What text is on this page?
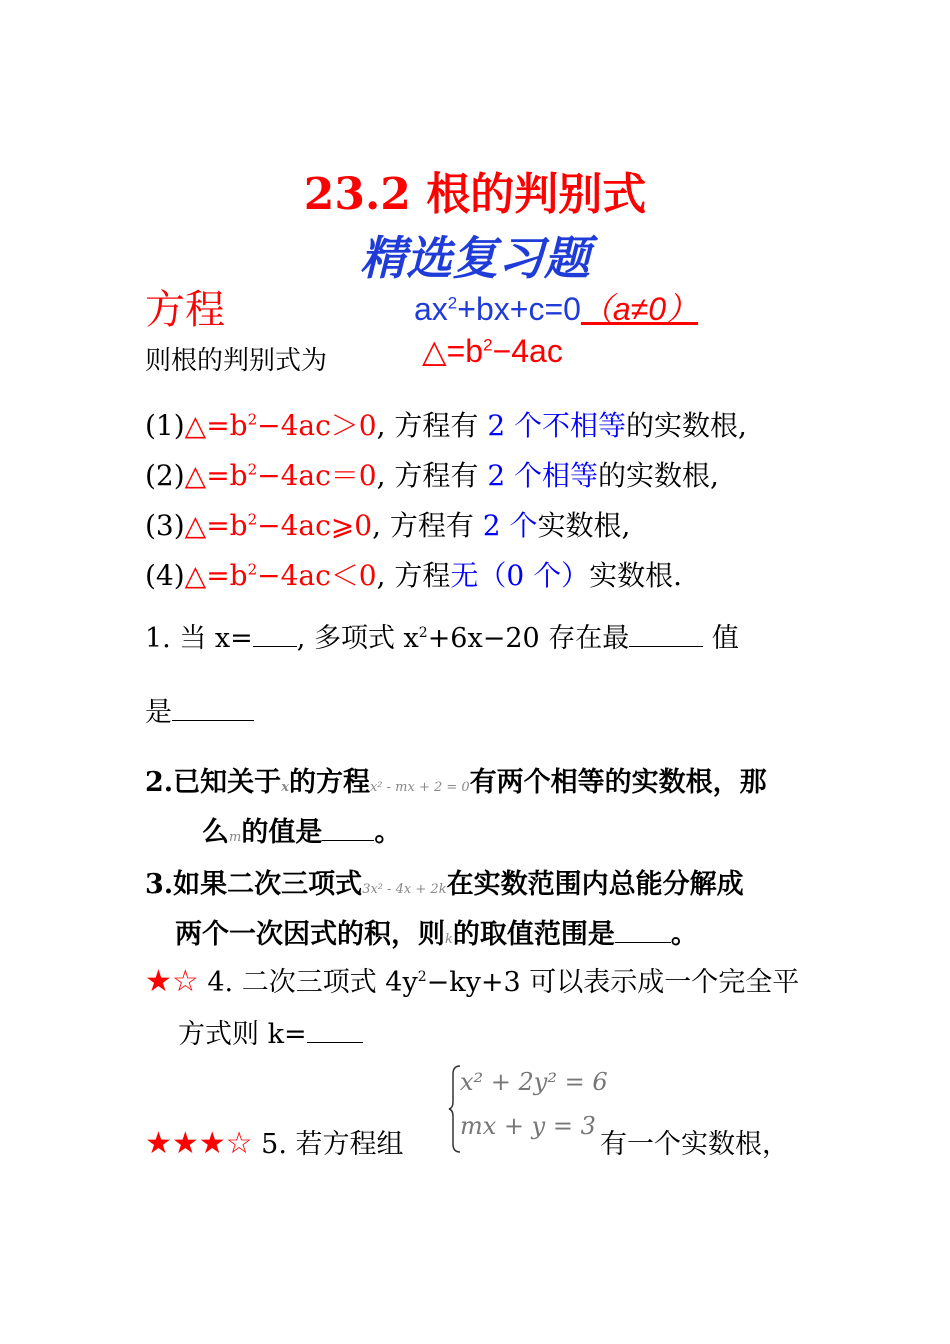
23.2 根的判别式
精选复习题
方程	$ax^2+bx+c=0(a\ne 0)$
则根的判别式为	$\triangle=b^2-4ac$
$(1)\triangle=b^2-4ac>0$, 方程有 2 个不相等的实数根,
$(2)\triangle=b^2-4ac=0$, 方程有 2 个相等的实数根,
$(3)\triangle=b^2-4ac⩾0$, 方程有 2 个实数根,
$(4)\triangle=b^2-4ac<0$, 方程无（0 个）实数根.
1. 当 x= , 多项式 $x^2+6x-20$ 存在最	值
是
2.已知关于x的方程x² - mx + 2 = 0有两个相等的实数根，那
么m的值是 。
3.如果二次三项式3x² - 4x + 2k在实数范围内总能分解成
两个一次因式的积，则k的取值范围是 。
★☆ 4. 二次三项式 $4y^2-ky+3$ 可以表示成一个完全平
方式则 k=
x² + 2y² = 6
mx + y = 3
★★★☆ 5. 若方程组	有一个实数根，
